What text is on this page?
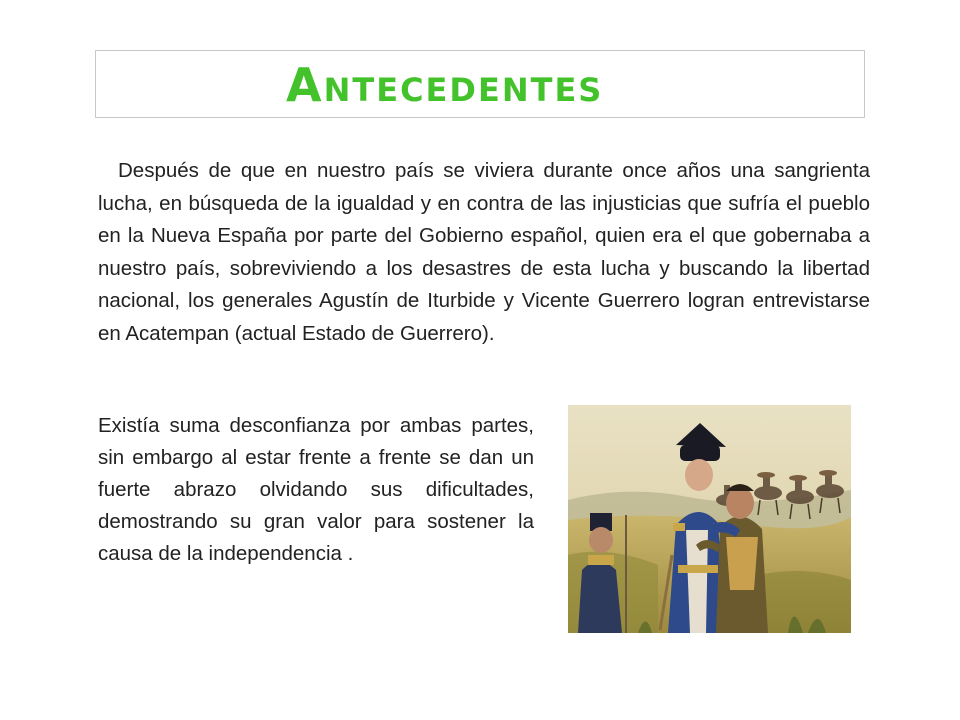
Antecedentes
Después de que en nuestro país se viviera durante once años una sangrienta lucha, en búsqueda de la igualdad y en contra de las injusticias que sufría el pueblo en la Nueva España por parte del Gobierno español, quien era el que gobernaba a nuestro país, sobreviviendo a los desastres de esta lucha y buscando la libertad nacional, los generales Agustín de Iturbide y Vicente Guerrero logran entrevistarse en Acatempan (actual Estado de Guerrero).
Existía suma desconfianza por ambas partes, sin embargo al estar frente a frente se dan un fuerte abrazo olvidando sus dificultades, demostrando su gran valor para sostener la causa de la independencia .
